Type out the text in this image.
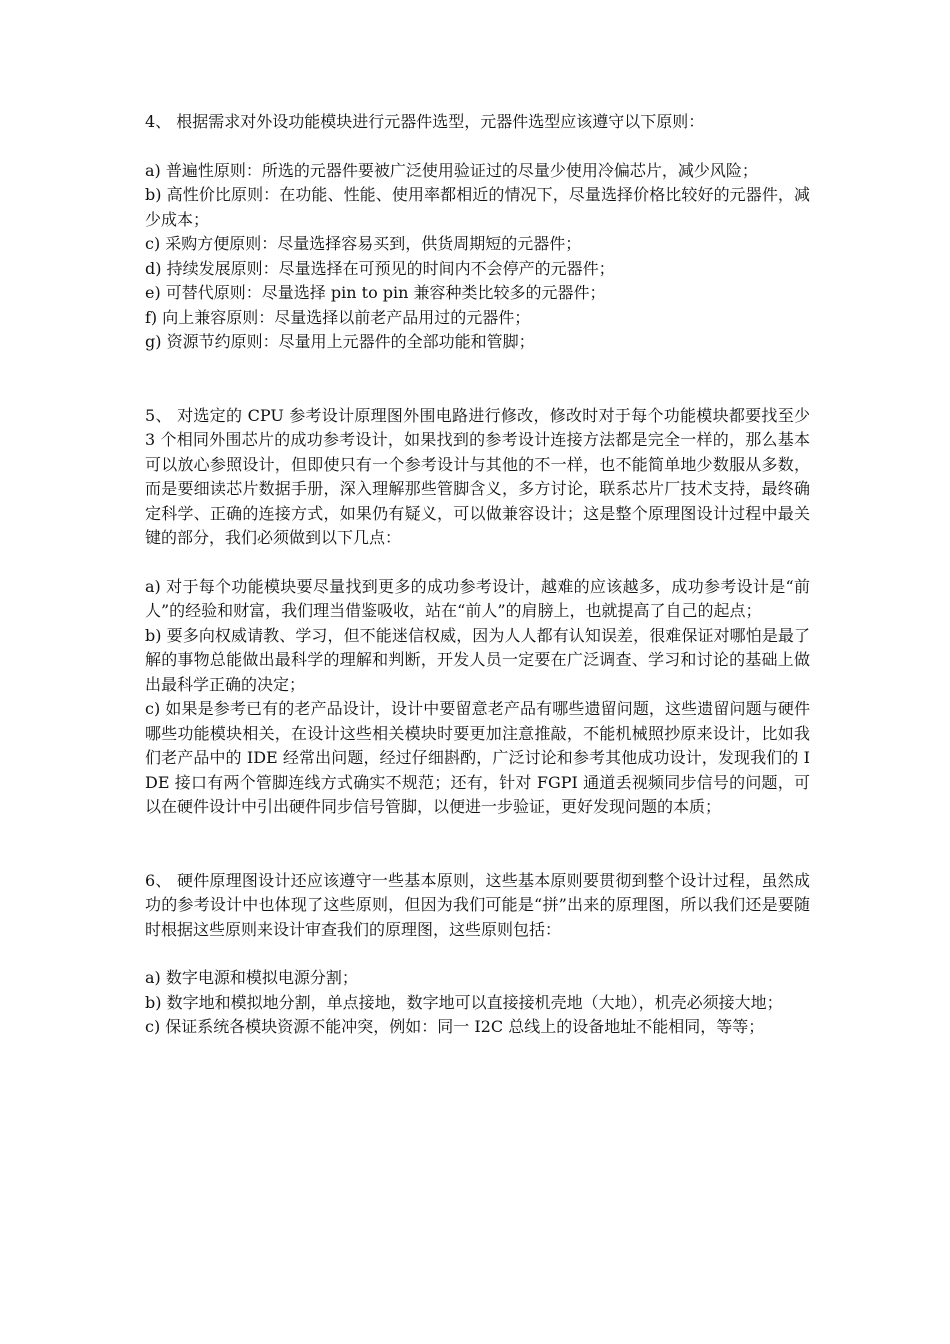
4、 根据需求对外设功能模块进行元器件选型，元器件选型应该遵守以下原则：

a) 普遍性原则：所选的元器件要被广泛使用验证过的尽量少使用冷偏芯片，减少风险；

b) 高性价比原则：在功能、性能、使用率都相近的情况下，尽量选择价格比较好的元器件，减少成本；

c) 采购方便原则：尽量选择容易买到，供货周期短的元器件；

d) 持续发展原则：尽量选择在可预见的时间内不会停产的元器件；

e) 可替代原则：尽量选择 pin to pin 兼容种类比较多的元器件；

f) 向上兼容原则：尽量选择以前老产品用过的元器件；

g) 资源节约原则：尽量用上元器件的全部功能和管脚；

5、 对选定的 CPU 参考设计原理图外围电路进行修改，修改时对于每个功能模块都要找至少 3 个相同外围芯片的成功参考设计，如果找到的参考设计连接方法都是完全一样的，那么基本可以放心参照设计，但即使只有一个参考设计与其他的不一样，也不能简单地少数服从多数，而是要细读芯片数据手册，深入理解那些管脚含义，多方讨论，联系芯片厂技术支持，最终确定科学、正确的连接方式，如果仍有疑义，可以做兼容设计；这是整个原理图设计过程中最关键的部分，我们必须做到以下几点：

a) 对于每个功能模块要尽量找到更多的成功参考设计，越难的应该越多，成功参考设计是“前人”的经验和财富，我们理当借鉴吸收，站在“前人”的肩膀上，也就提高了自己的起点；

b) 要多向权威请教、学习，但不能迷信权威，因为人人都有认知误差，很难保证对哪怕是最了解的事物总能做出最科学的理解和判断，开发人员一定要在广泛调查、学习和讨论的基础上做出最科学正确的决定；

c) 如果是参考已有的老产品设计，设计中要留意老产品有哪些遗留问题，这些遗留问题与硬件哪些功能模块相关，在设计这些相关模块时要更加注意推敲，不能机械照抄原来设计，比如我们老产品中的 IDE 经常出问题，经过仔细斟酌，广泛讨论和参考其他成功设计，发现我们的 IDE 接口有两个管脚连线方式确实不规范；还有，针对 FGPI 通道丢视频同步信号的问题，可以在硬件设计中引出硬件同步信号管脚，以便进一步验证，更好发现问题的本质；

6、 硬件原理图设计还应该遵守一些基本原则，这些基本原则要贯彻到整个设计过程，虽然成功的参考设计中也体现了这些原则，但因为我们可能是“拼”出来的原理图，所以我们还是要随时根据这些原则来设计审查我们的原理图，这些原则包括：

a) 数字电源和模拟电源分割；

b) 数字地和模拟地分割，单点接地，数字地可以直接接机壳地（大地），机壳必须接大地；

c) 保证系统各模块资源不能冲突，例如：同一 I2C 总线上的设备地址不能相同，等等；
